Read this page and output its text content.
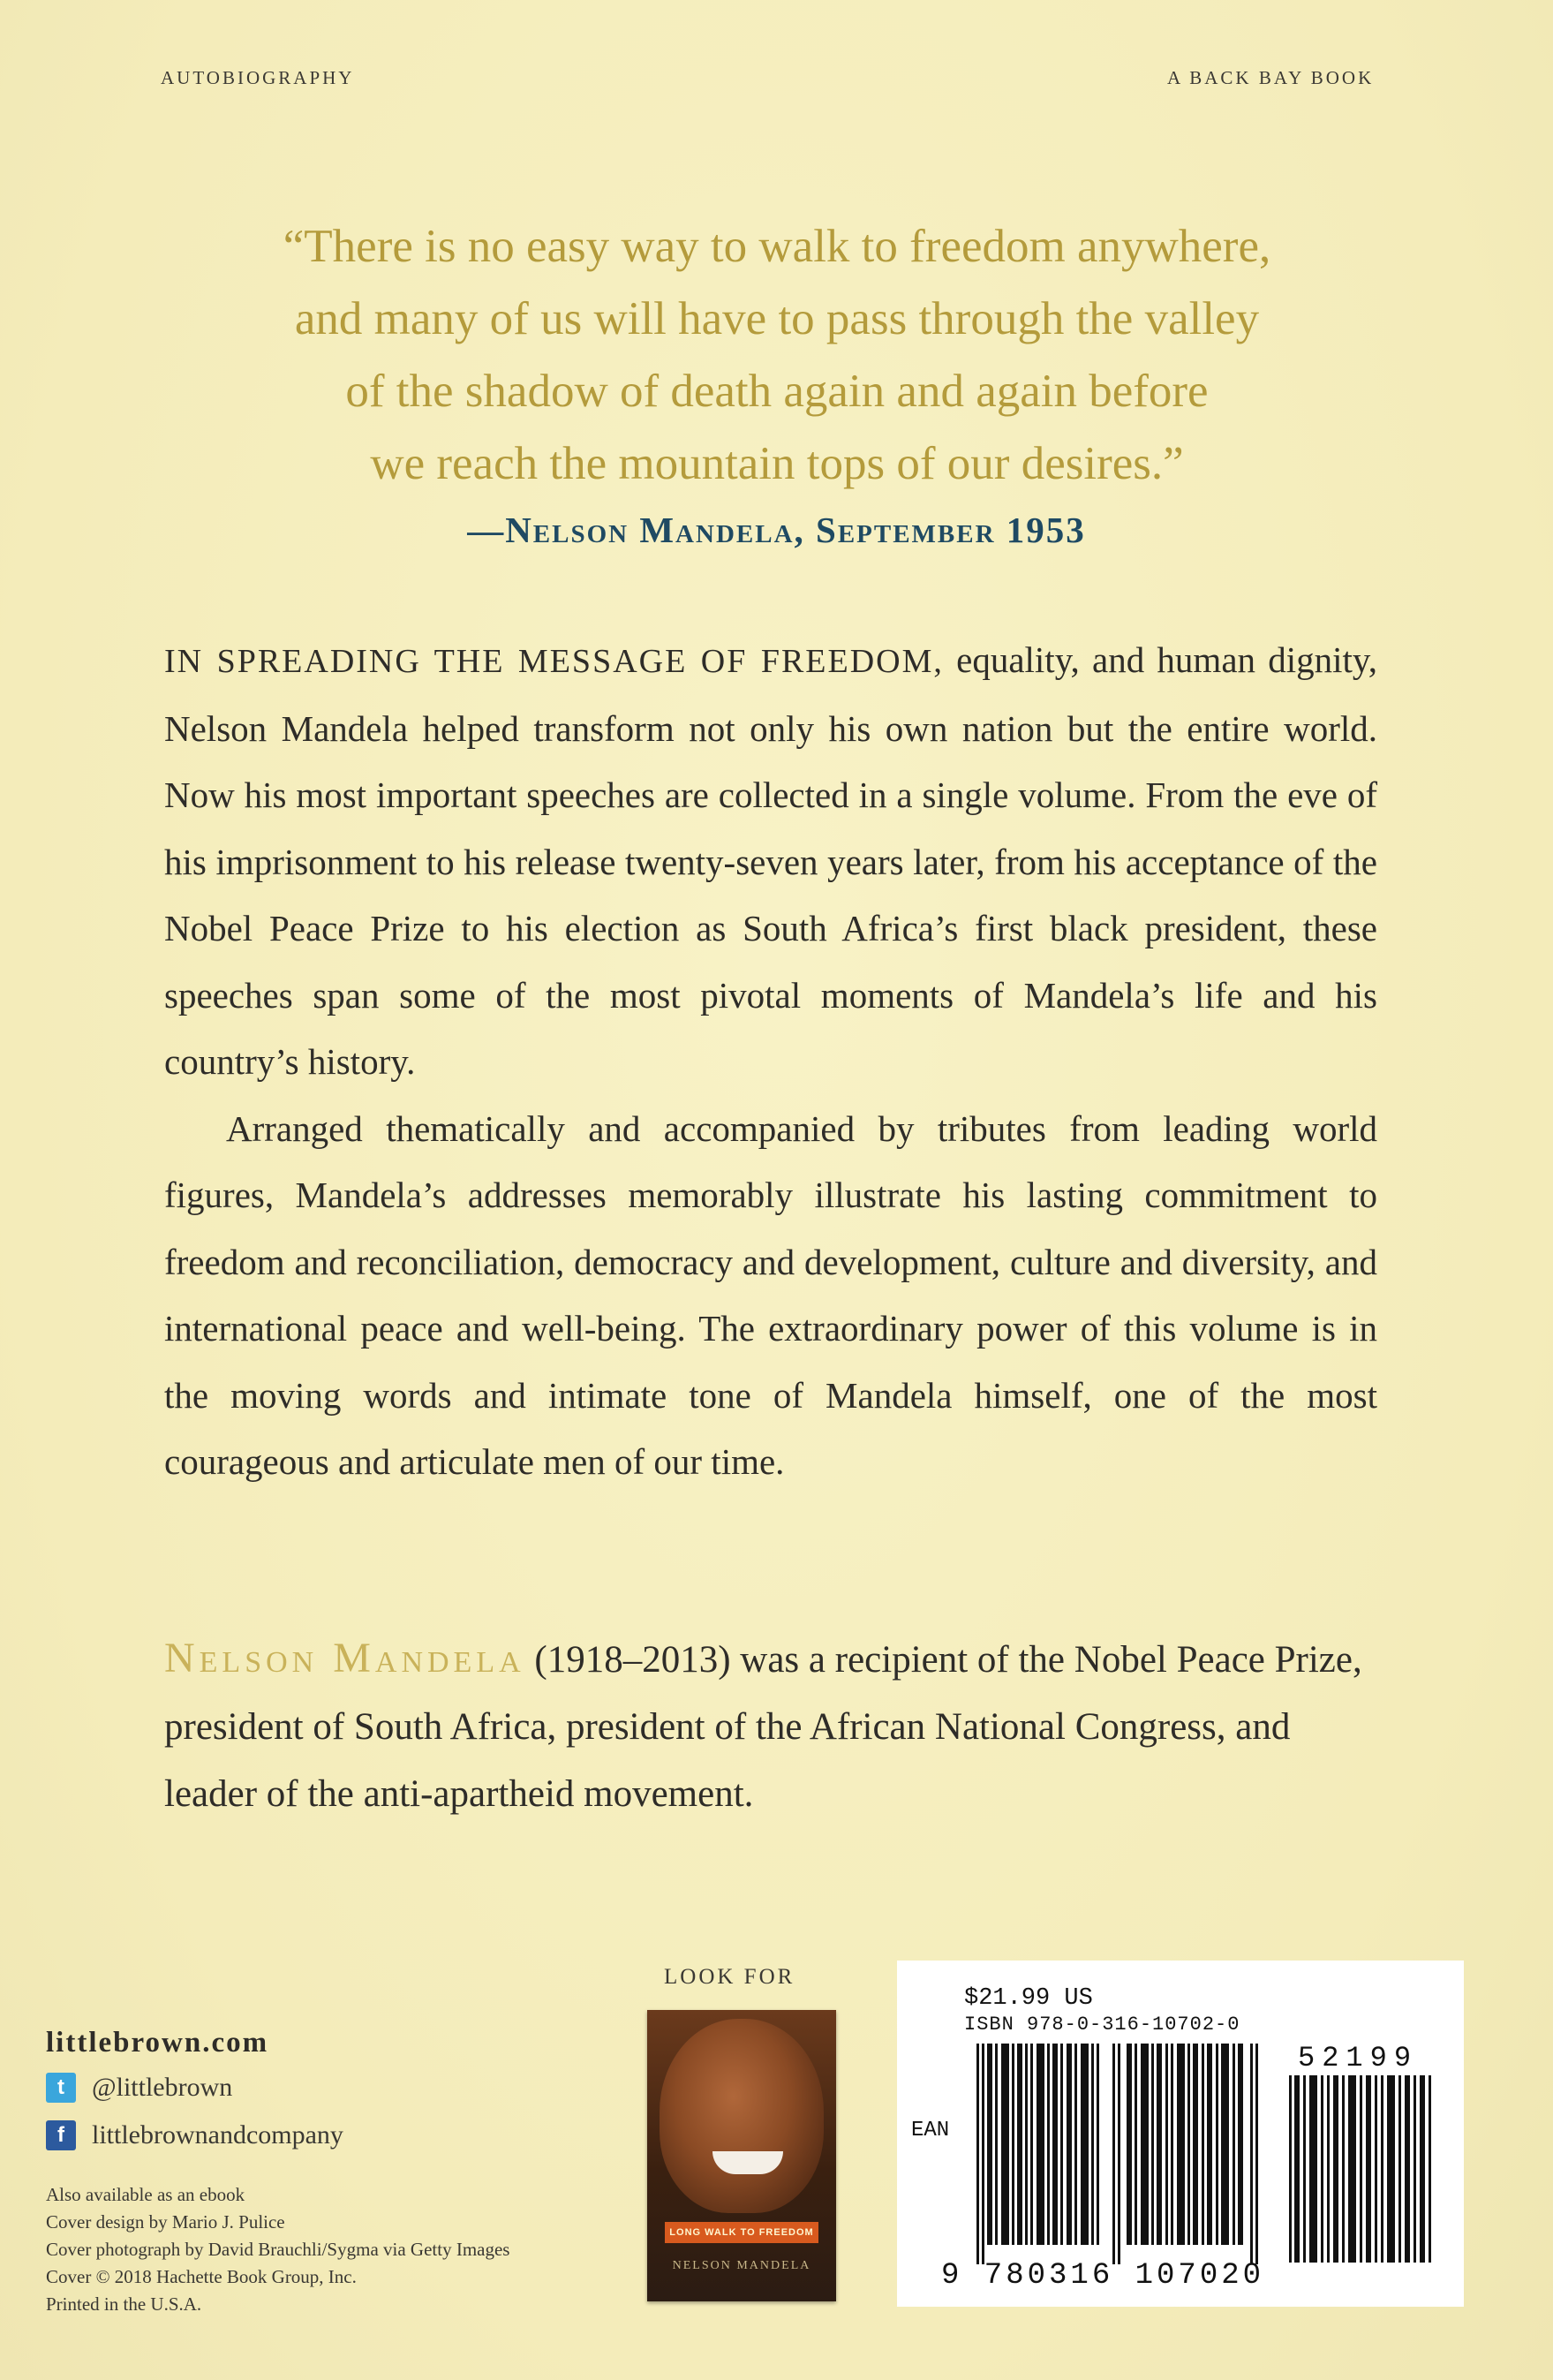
AUTOBIOGRAPHY	A BACK BAY BOOK
“There is no easy way to walk to freedom anywhere,
and many of us will have to pass through the valley
of the shadow of death again and again before
we reach the mountain tops of our desires.”
—Nelson Mandela, September 1953

IN SPREADING THE MESSAGE OF FREEDOM, equality, and human dignity, Nelson Mandela helped transform not only his own nation but the entire world. Now his most important speeches are collected in a single volume. From the eve of his imprisonment to his release twenty-seven years later, from his acceptance of the Nobel Peace Prize to his election as South Africa’s first black president, these speeches span some of the most pivotal moments of Mandela’s life and his country’s history.

Arranged thematically and accompanied by tributes from leading world figures, Mandela’s addresses memorably illustrate his lasting commitment to freedom and reconciliation, democracy and development, culture and diversity, and international peace and well-being. The extraordinary power of this volume is in the moving words and intimate tone of Mandela himself, one of the most courageous and articulate men of our time.

Nelson Mandela (1918–2013) was a recipient of the Nobel Peace Prize, president of South Africa, president of the African National Congress, and leader of the anti-apartheid movement.
littlebrown.com
t	@littlebrown
f	littlebrownandcompany
Also available as an ebook
Cover design by Mario J. Pulice
Cover photograph by David Brauchli/Sygma via Getty Images
Cover © 2018 Hachette Book Group, Inc.
Printed in the U.S.A.
LOOK FOR
LONG WALK TO FREEDOM
NELSON MANDELA
$21.99 US
ISBN 978-0-316-10702-0
EAN
9 780316 107020
52199
